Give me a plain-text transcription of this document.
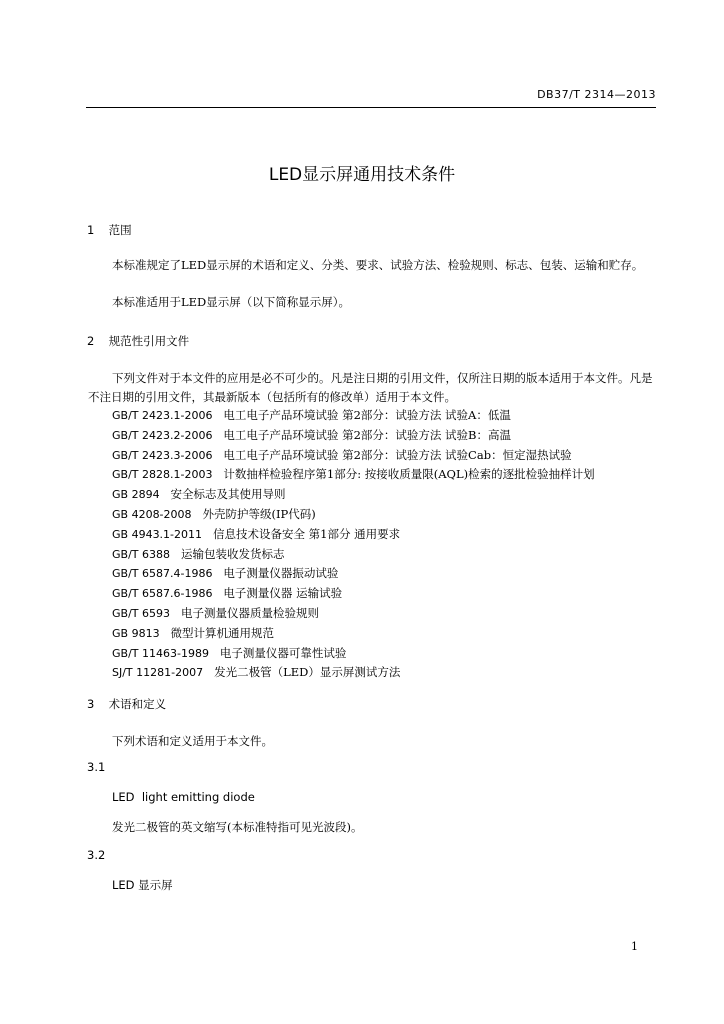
DB37/T 2314—2013
LED显示屏通用技术条件
1 范围
本标准规定了LED显示屏的术语和定义、分类、要求、试验方法、检验规则、标志、包装、运输和贮存。
本标准适用于LED显示屏（以下简称显示屏）。
2 规范性引用文件
下列文件对于本文件的应用是必不可少的。凡是注日期的引用文件，仅所注日期的版本适用于本文件。凡是不注日期的引用文件，其最新版本（包括所有的修改单）适用于本文件。
GB/T 2423.1-2006 电工电子产品环境试验 第2部分：试验方法 试验A：低温
GB/T 2423.2-2006 电工电子产品环境试验 第2部分：试验方法 试验B：高温
GB/T 2423.3-2006 电工电子产品环境试验 第2部分：试验方法 试验Cab：恒定湿热试验
GB/T 2828.1-2003 计数抽样检验程序第1部分: 按接收质量限(AQL)检索的逐批检验抽样计划
GB 2894 安全标志及其使用导则
GB 4208-2008 外壳防护等级(IP代码)
GB 4943.1-2011 信息技术设备安全 第1部分 通用要求
GB/T 6388 运输包装收发货标志
GB/T 6587.4-1986 电子测量仪器振动试验
GB/T 6587.6-1986 电子测量仪器 运输试验
GB/T 6593 电子测量仪器质量检验规则
GB 9813 微型计算机通用规范
GB/T 11463-1989 电子测量仪器可靠性试验
SJ/T 11281-2007 发光二极管（LED）显示屏测试方法
3 术语和定义
下列术语和定义适用于本文件。
3.1
LED  light emitting diode
发光二极管的英文缩写(本标准特指可见光波段)。
3.2
LED 显示屏
1
